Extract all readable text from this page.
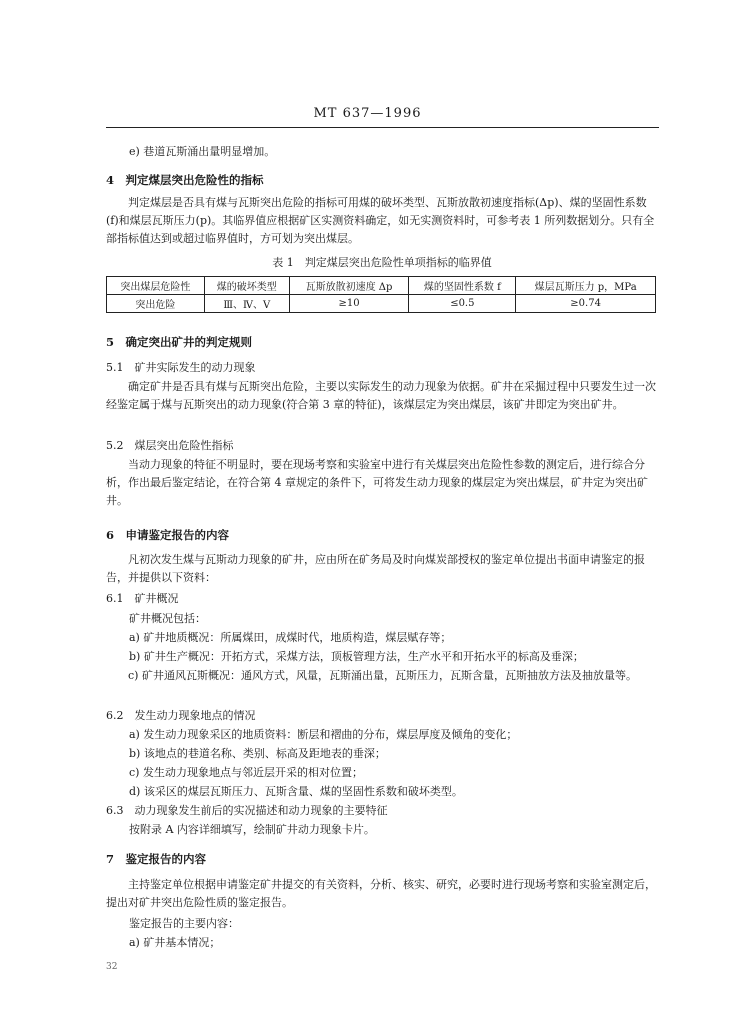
MT 637—1996
e) 巷道瓦斯涌出量明显增加。
4　判定煤层突出危险性的指标
判定煤层是否具有煤与瓦斯突出危险的指标可用煤的破坏类型、瓦斯放散初速度指标(Δp)、煤的坚固性系数(f)和煤层瓦斯压力(p)。其临界值应根据矿区实测资料确定，如无实测资料时，可参考表 1 所列数据划分。只有全部指标值达到或超过临界值时，方可划为突出煤层。
表 1　判定煤层突出危险性单项指标的临界值
突出煤层危险性	煤的破坏类型	瓦斯放散初速度 Δp	煤的坚固性系数 f	煤层瓦斯压力 p，MPa
突出危险	Ⅲ、Ⅳ、Ⅴ	≥10	≤0.5	≥0.74
5　确定突出矿井的判定规则
5.1　矿井实际发生的动力现象
确定矿井是否具有煤与瓦斯突出危险，主要以实际发生的动力现象为依据。矿井在采掘过程中只要发生过一次经鉴定属于煤与瓦斯突出的动力现象(符合第 3 章的特征)，该煤层定为突出煤层，该矿井即定为突出矿井。
5.2　煤层突出危险性指标
当动力现象的特征不明显时，要在现场考察和实验室中进行有关煤层突出危险性参数的测定后，进行综合分析，作出最后鉴定结论，在符合第 4 章规定的条件下，可将发生动力现象的煤层定为突出煤层，矿井定为突出矿井。
6　申请鉴定报告的内容
凡初次发生煤与瓦斯动力现象的矿井，应由所在矿务局及时向煤炭部授权的鉴定单位提出书面申请鉴定的报告，并提供以下资料：
6.1　矿井概况
矿井概况包括：
a) 矿井地质概况：所属煤田，成煤时代，地质构造，煤层赋存等；
b) 矿井生产概况：开拓方式，采煤方法，顶板管理方法，生产水平和开拓水平的标高及垂深；
c) 矿井通风瓦斯概况：通风方式，风量，瓦斯涌出量，瓦斯压力，瓦斯含量，瓦斯抽放方法及抽放量等。
6.2　发生动力现象地点的情况
a) 发生动力现象采区的地质资料：断层和褶曲的分布，煤层厚度及倾角的变化；
b) 该地点的巷道名称、类别、标高及距地表的垂深；
c) 发生动力现象地点与邻近层开采的相对位置；
d) 该采区的煤层瓦斯压力、瓦斯含量、煤的坚固性系数和破坏类型。
6.3　动力现象发生前后的实况描述和动力现象的主要特征
按附录 A 内容详细填写，绘制矿井动力现象卡片。
7　鉴定报告的内容
主持鉴定单位根据申请鉴定矿井提交的有关资料，分析、核实、研究，必要时进行现场考察和实验室测定后，提出对矿井突出危险性质的鉴定报告。
鉴定报告的主要内容：
a) 矿井基本情况；
32
